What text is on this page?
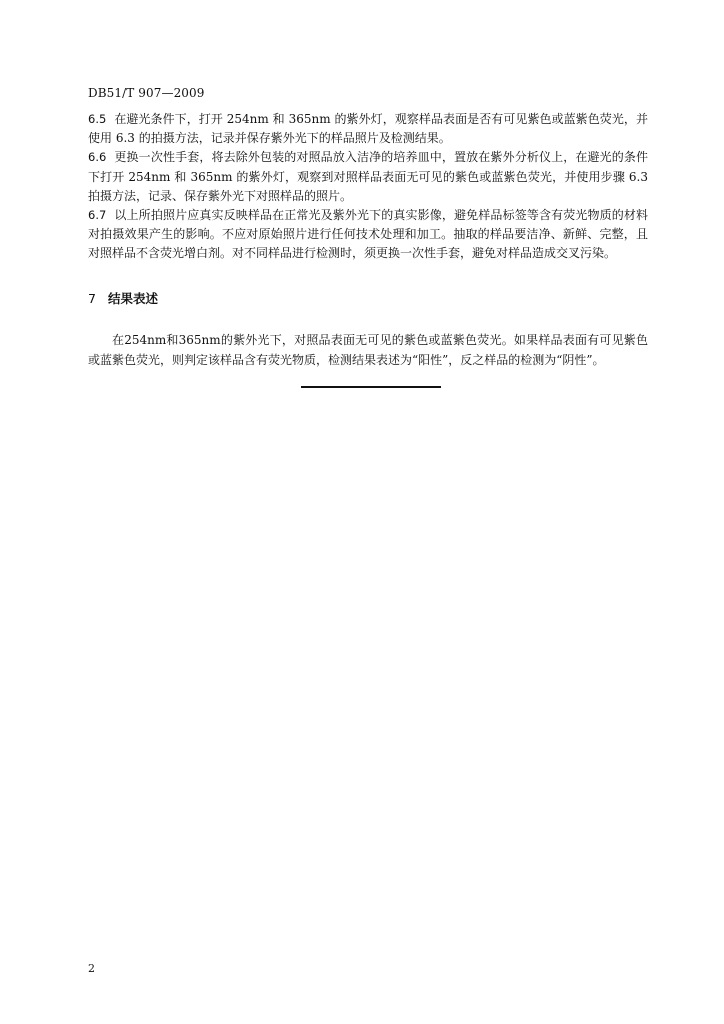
DB51/T 907—2009

6.5 在避光条件下，打开 254nm 和 365nm 的紫外灯，观察样品表面是否有可见紫色或蓝紫色荧光，并使用 6.3 的拍摄方法，记录并保存紫外光下的样品照片及检测结果。

6.6 更换一次性手套，将去除外包装的对照品放入洁净的培养皿中，置放在紫外分析仪上，在避光的条件下打开 254nm 和 365nm 的紫外灯，观察到对照样品表面无可见的紫色或蓝紫色荧光，并使用步骤 6.3 拍摄方法，记录、保存紫外光下对照样品的照片。

6.7 以上所拍照片应真实反映样品在正常光及紫外光下的真实影像，避免样品标签等含有荧光物质的材料对拍摄效果产生的影响。不应对原始照片进行任何技术处理和加工。抽取的样品要洁净、新鲜、完整，且对照样品不含荧光增白剂。对不同样品进行检测时，须更换一次性手套，避免对样品造成交叉污染。

7 结果表述

在254nm和365nm的紫外光下，对照品表面无可见的紫色或蓝紫色荧光。如果样品表面有可见紫色或蓝紫色荧光，则判定该样品含有荧光物质，检测结果表述为“阳性”，反之样品的检测为“阴性”。

2
